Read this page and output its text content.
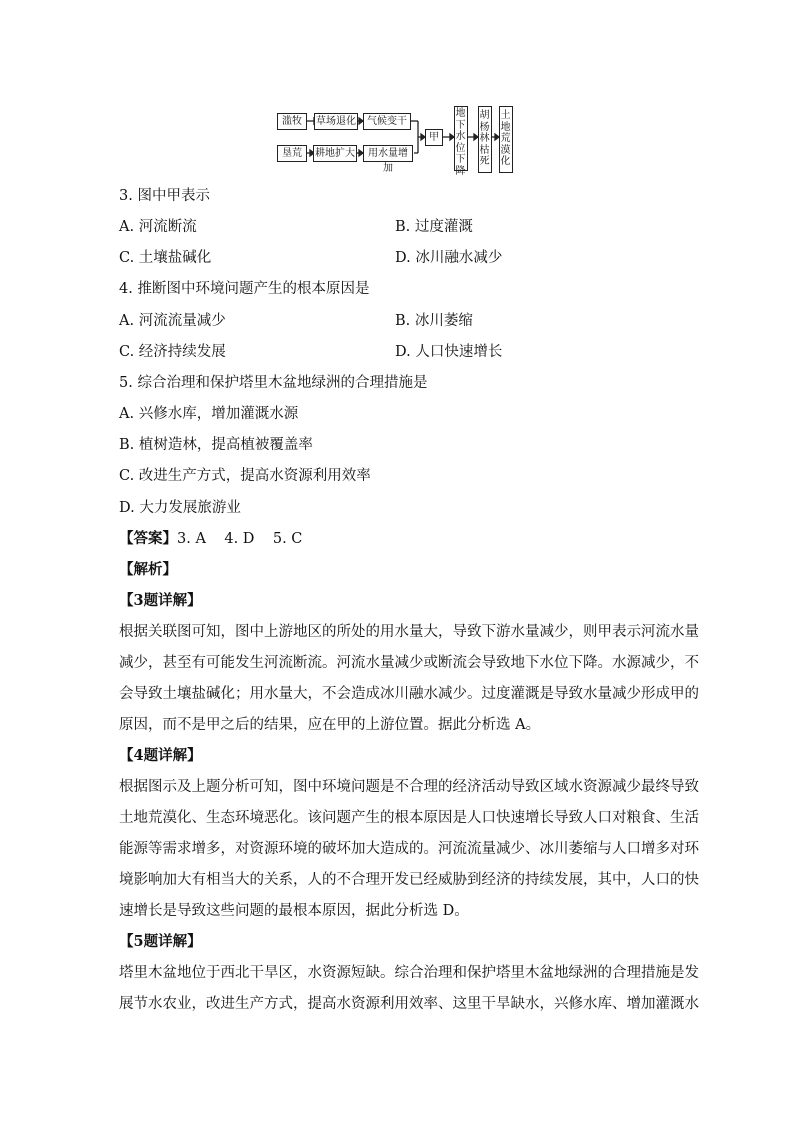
滥牧	草场退化	气候变干
垦荒	耕地扩大	用水量增加
甲
地下水位下降
胡杨林枯死
土地荒漠化
3. 图中甲表示
A. 河流断流	B. 过度灌溉
C. 土壤盐碱化	D. 冰川融水减少
4. 推断图中环境问题产生的根本原因是
A. 河流流量减少	B. 冰川萎缩
C. 经济持续发展	D. 人口快速增长
5. 综合治理和保护塔里木盆地绿洲的合理措施是
A. 兴修水库，增加灌溉水源
B. 植树造林，提高植被覆盖率
C. 改进生产方式，提高水资源利用效率
D. 大力发展旅游业
【答案】3. A    4. D    5. C
【解析】
【3题详解】
根据关联图可知，图中上游地区的所处的用水量大，导致下游水量减少，则甲表示河流水量
减少，甚至有可能发生河流断流。河流水量减少或断流会导致地下水位下降。水源减少，不
会导致土壤盐碱化；用水量大，不会造成冰川融水减少。过度灌溉是导致水量减少形成甲的
原因，而不是甲之后的结果，应在甲的上游位置。据此分析选 A。
【4题详解】
根据图示及上题分析可知，图中环境问题是不合理的经济活动导致区域水资源减少最终导致
土地荒漠化、生态环境恶化。该问题产生的根本原因是人口快速增长导致人口对粮食、生活
能源等需求增多，对资源环境的破坏加大造成的。河流流量减少、冰川萎缩与人口增多对环
境影响加大有相当大的关系，人的不合理开发已经威胁到经济的持续发展，其中，人口的快
速增长是导致这些问题的最根本原因，据此分析选 D。
【5题详解】
塔里木盆地位于西北干旱区，水资源短缺。综合治理和保护塔里木盆地绿洲的合理措施是发
展节水农业，改进生产方式，提高水资源利用效率、这里干旱缺水，兴修水库、增加灌溉水
